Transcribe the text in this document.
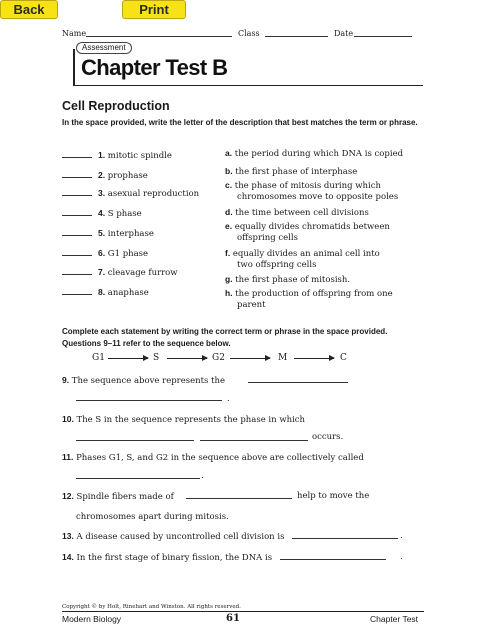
Back	Print
Name	Class	Date
Assessment
Chapter Test B
Cell Reproduction
In the space provided, write the letter of the description that best matches the term or phrase.
1. mitotic spindle
2. prophase
3. asexual reproduction
4. S phase
5. interphase
6. G1 phase
7. cleavage furrow
8. anaphase
a. the period during which DNA is copied
b. the first phase of interphase
c. the phase of mitosis during which
chromosomes move to opposite poles
d. the time between cell divisions
e. equally divides chromatids between
offspring cells
f. equally divides an animal cell into
two offspring cells
g. the first phase of mitosish.
h. the production of offspring from one
parent
Complete each statement by writing the correct term or phrase in the space provided.
Questions 9–11 refer to the sequence below.
G1	S	G2	M	C
9. The sequence above represents the
.
10. The S in the sequence represents the phase in which
occurs.
11. Phases G1, S, and G2 in the sequence above are collectively called
.
12. Spindle fibers made of	help to move the
chromosomes apart during mitosis.
13. A disease caused by uncontrolled cell division is	.
14. In the first stage of binary fission, the DNA is	.
Copyright © by Holt, Rinehart and Winston. All rights reserved.
Modern Biology	61	Chapter Test
